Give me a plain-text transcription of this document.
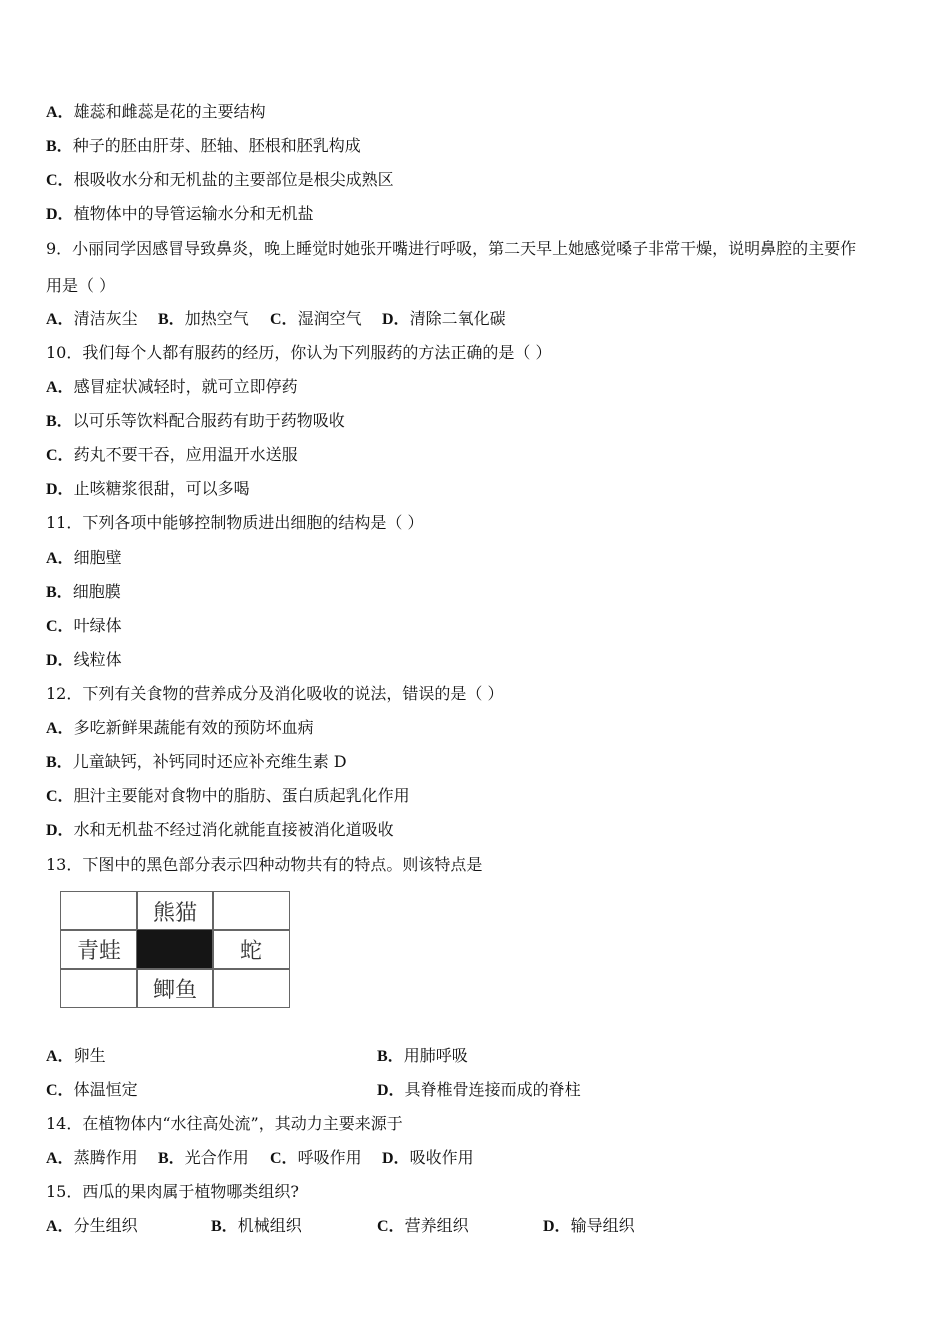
A．雄蕊和雌蕊是花的主要结构
B．种子的胚由肝芽、胚轴、胚根和胚乳构成
C．根吸收水分和无机盐的主要部位是根尖成熟区
D．植物体中的导管运输水分和无机盐
9．小丽同学因感冒导致鼻炎，晚上睡觉时她张开嘴进行呼吸，第二天早上她感觉嗓子非常干燥，说明鼻腔的主要作
用是（ ）
A．清洁灰尘 B．加热空气 C．湿润空气 D．清除二氧化碳
10．我们每个人都有服药的经历，你认为下列服药的方法正确的是（ ）
A．感冒症状减轻时，就可立即停药
B．以可乐等饮料配合服药有助于药物吸收
C．药丸不要干吞，应用温开水送服
D．止咳糖浆很甜，可以多喝
11．下列各项中能够控制物质进出细胞的结构是（ ）
A．细胞壁
B．细胞膜
C．叶绿体
D．线粒体
12．下列有关食物的营养成分及消化吸收的说法，错误的是（ ）
A．多吃新鲜果蔬能有效的预防坏血病
B．儿童缺钙，补钙同时还应补充维生素 D
C．胆汁主要能对食物中的脂肪、蛋白质起乳化作用
D．水和无机盐不经过消化就能直接被消化道吸收
13．下图中的黑色部分表示四种动物共有的特点。则该特点是
熊猫
青蛙	蛇
鲫鱼
A．卵生	B．用肺呼吸
C．体温恒定	D．具脊椎骨连接而成的脊柱
14．在植物体内“水往高处流”，其动力主要来源于
A．蒸腾作用 B．光合作用 C．呼吸作用 D．吸收作用
15．西瓜的果肉属于植物哪类组织?
A．分生组织	B．机械组织	C．营养组织	D．输导组织
